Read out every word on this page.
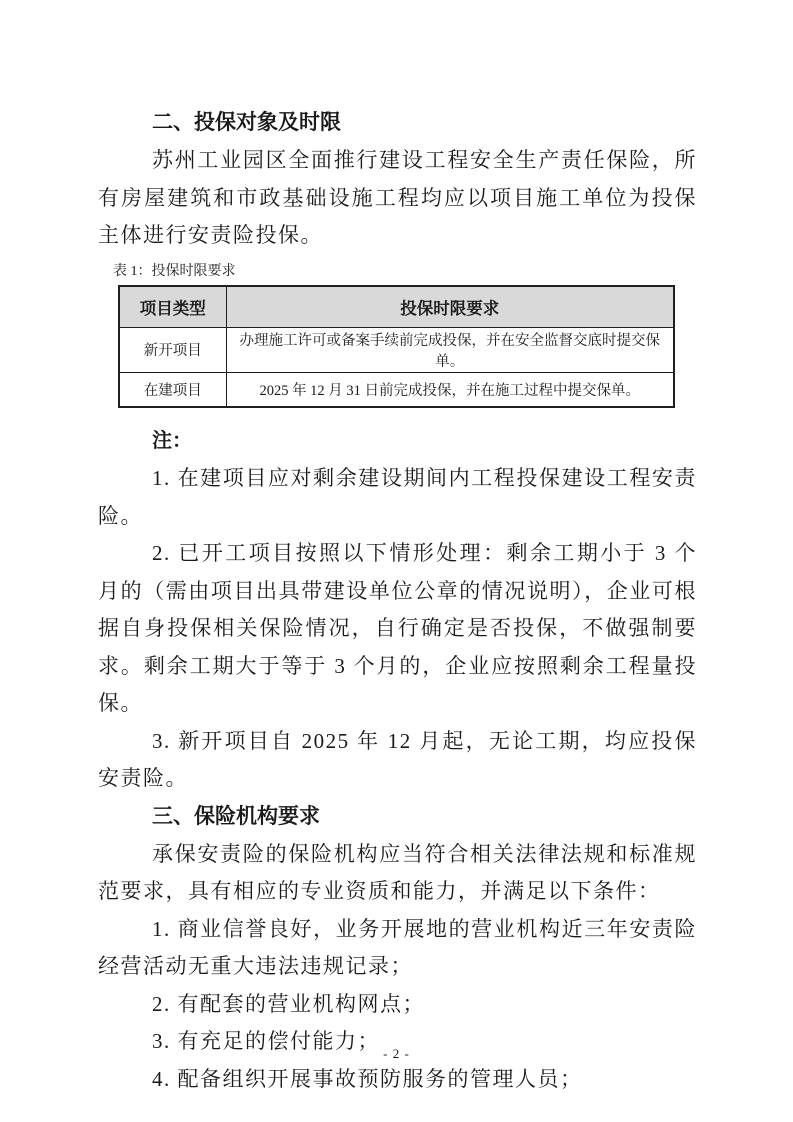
二、投保对象及时限

苏州工业园区全面推行建设工程安全生产责任保险，所有房屋建筑和市政基础设施工程均应以项目施工单位为投保主体进行安责险投保。

表 1：投保时限要求
项目类型	投保时限要求
新开项目	办理施工许可或备案手续前完成投保，并在安全监督交底时提交保单。
在建项目	2025 年 12 月 31 日前完成投保，并在施工过程中提交保单。

注：

1. 在建项目应对剩余建设期间内工程投保建设工程安责险。

2. 已开工项目按照以下情形处理：剩余工期小于 3 个月的（需由项目出具带建设单位公章的情况说明），企业可根据自身投保相关保险情况，自行确定是否投保，不做强制要求。剩余工期大于等于 3 个月的，企业应按照剩余工程量投保。

3. 新开项目自 2025 年 12 月起，无论工期，均应投保安责险。

三、保险机构要求

承保安责险的保险机构应当符合相关法律法规和标准规范要求，具有相应的专业资质和能力，并满足以下条件：

1. 商业信誉良好，业务开展地的营业机构近三年安责险经营活动无重大违法违规记录；

2. 有配套的营业机构网点；

3. 有充足的偿付能力；

4. 配备组织开展事故预防服务的管理人员；

- 2 -
